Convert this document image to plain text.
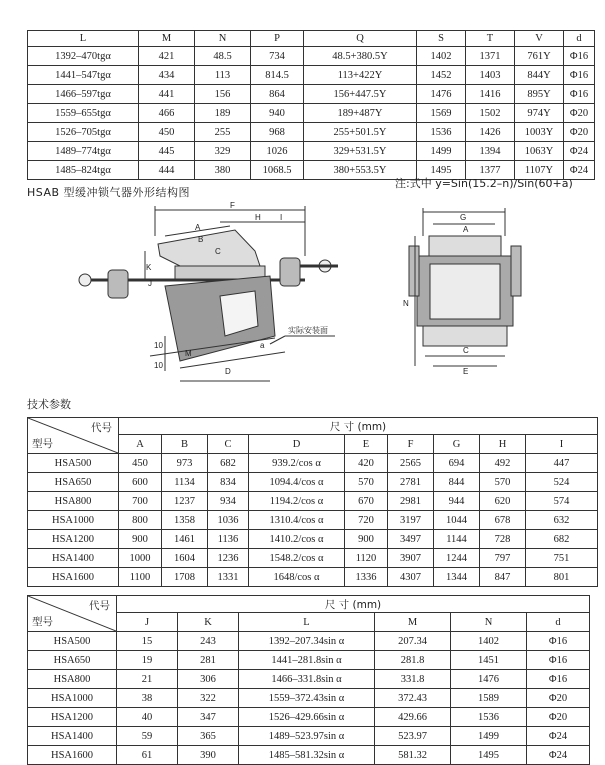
L	M	N	P	Q	S	T	V	d
1392–470tgα	421	48.5	734	48.5+380.5Y	1402	1371	761Y	Φ16
1441–547tgα	434	113	814.5	113+422Y	1452	1403	844Y	Φ16
1466–597tgα	441	156	864	156+447.5Y	1476	1416	895Y	Φ16
1559–655tgα	466	189	940	189+487Y	1569	1502	974Y	Φ20
1526–705tgα	450	255	968	255+501.5Y	1536	1426	1003Y	Φ20
1489–774tgα	445	329	1026	329+531.5Y	1499	1394	1063Y	Φ24
1485–824tgα	444	380	1068.5	380+553.5Y	1495	1377	1107Y	Φ24
注:式中 y=Sin(15.2–n)/Sin(60+a)
HSAB 型缓冲锁气器外形结构图
F
H I
A
B
C
K
J
M
D
a
实际安装面
10
10
G
A
N
C
E
技术参数
代号
型号	尺 寸 (mm)								
	A	B	C	D	E	F	G	H	I
HSA500	450	973	682	939.2/cos α	420	2565	694	492	447
HSA650	600	1134	834	1094.4/cos α	570	2781	844	570	524
HSA800	700	1237	934	1194.2/cos α	670	2981	944	620	574
HSA1000	800	1358	1036	1310.4/cos α	720	3197	1044	678	632
HSA1200	900	1461	1136	1410.2/cos α	900	3497	1144	728	682
HSA1400	1000	1604	1236	1548.2/cos α	1120	3907	1244	797	751
HSA1600	1100	1708	1331	1648/cos α	1336	4307	1344	847	801
代号
型号	尺 寸 (mm)					
	J	K	L	M	N	d
HSA500	15	243	1392–207.34sin α	207.34	1402	Φ16
HSA650	19	281	1441–281.8sin α	281.8	1451	Φ16
HSA800	21	306	1466–331.8sin α	331.8	1476	Φ16
HSA1000	38	322	1559–372.43sin α	372.43	1589	Φ20
HSA1200	40	347	1526–429.66sin α	429.66	1536	Φ20
HSA1400	59	365	1489–523.97sin α	523.97	1499	Φ24
HSA1600	61	390	1485–581.32sin α	581.32	1495	Φ24
